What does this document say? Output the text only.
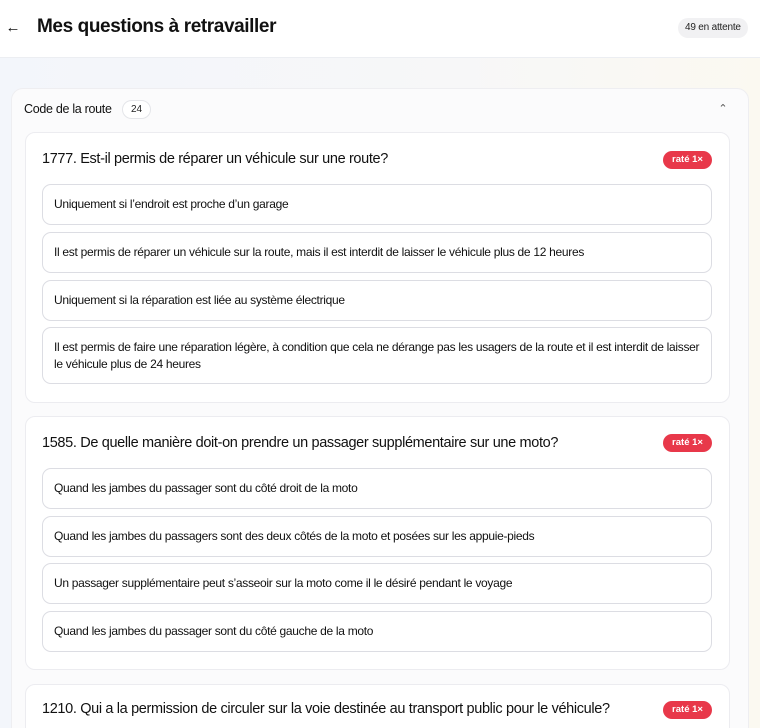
← Mes questions à retravailler	49 en attente
Code de la route	24	⌃
1777. Est-il permis de réparer un véhicule sur une route?	raté 1×
Uniquement si l’endroit est proche d’un garage
Il est permis de réparer un véhicule sur la route, mais il est interdit de laisser le véhicule plus de 12 heures
Uniquement si la réparation est liée au système électrique
Il est permis de faire une réparation légère, à condition que cela ne dérange pas les usagers de la route et il est interdit de laisser le véhicule plus de 24 heures
1585. De quelle manière doit-on prendre un passager supplémentaire sur une moto?	raté 1×
Quand les jambes du passager sont du côté droit de la moto
Quand les jambes du passagers sont des deux côtés de la moto et posées sur les appuie-pieds
Un passager supplémentaire peut s’asseoir sur la moto come il le désiré pendant le voyage
Quand les jambes du passager sont du côté gauche de la moto
1210. Qui a la permission de circuler sur la voie destinée au transport public pour le véhicule?	raté 1×
